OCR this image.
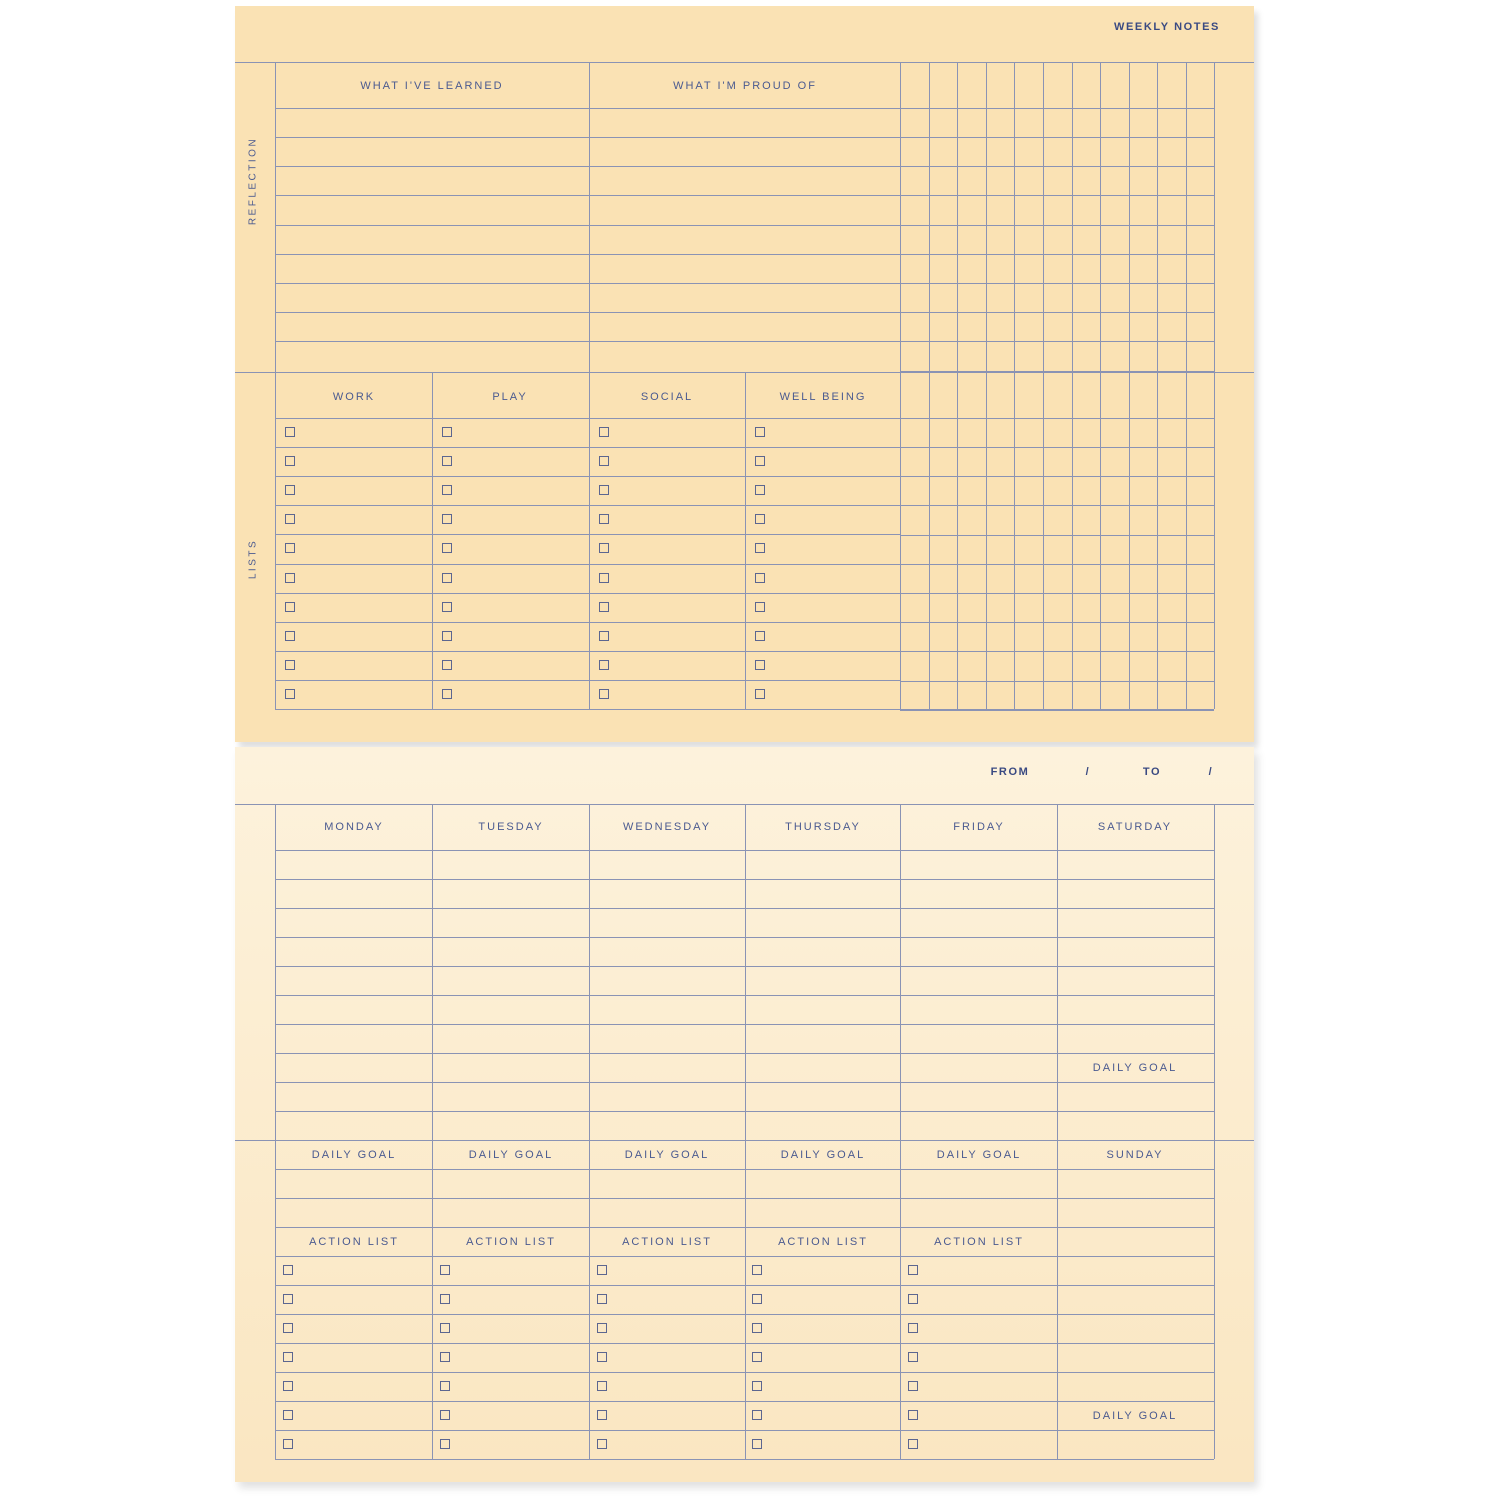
WEEKLY NOTES
REFLECTION
LISTS
WHAT I'VE LEARNED	WHAT I'M PROUD OF
WORK	PLAY	SOCIAL	WELL BEING
FROM	/	TO	/
MONDAY	TUESDAY	WEDNESDAY	THURSDAY	FRIDAY	SATURDAY
DAILY GOAL
DAILY GOAL	DAILY GOAL	DAILY GOAL	DAILY GOAL	DAILY GOAL	SUNDAY
ACTION LIST	ACTION LIST	ACTION LIST	ACTION LIST	ACTION LIST
DAILY GOAL
